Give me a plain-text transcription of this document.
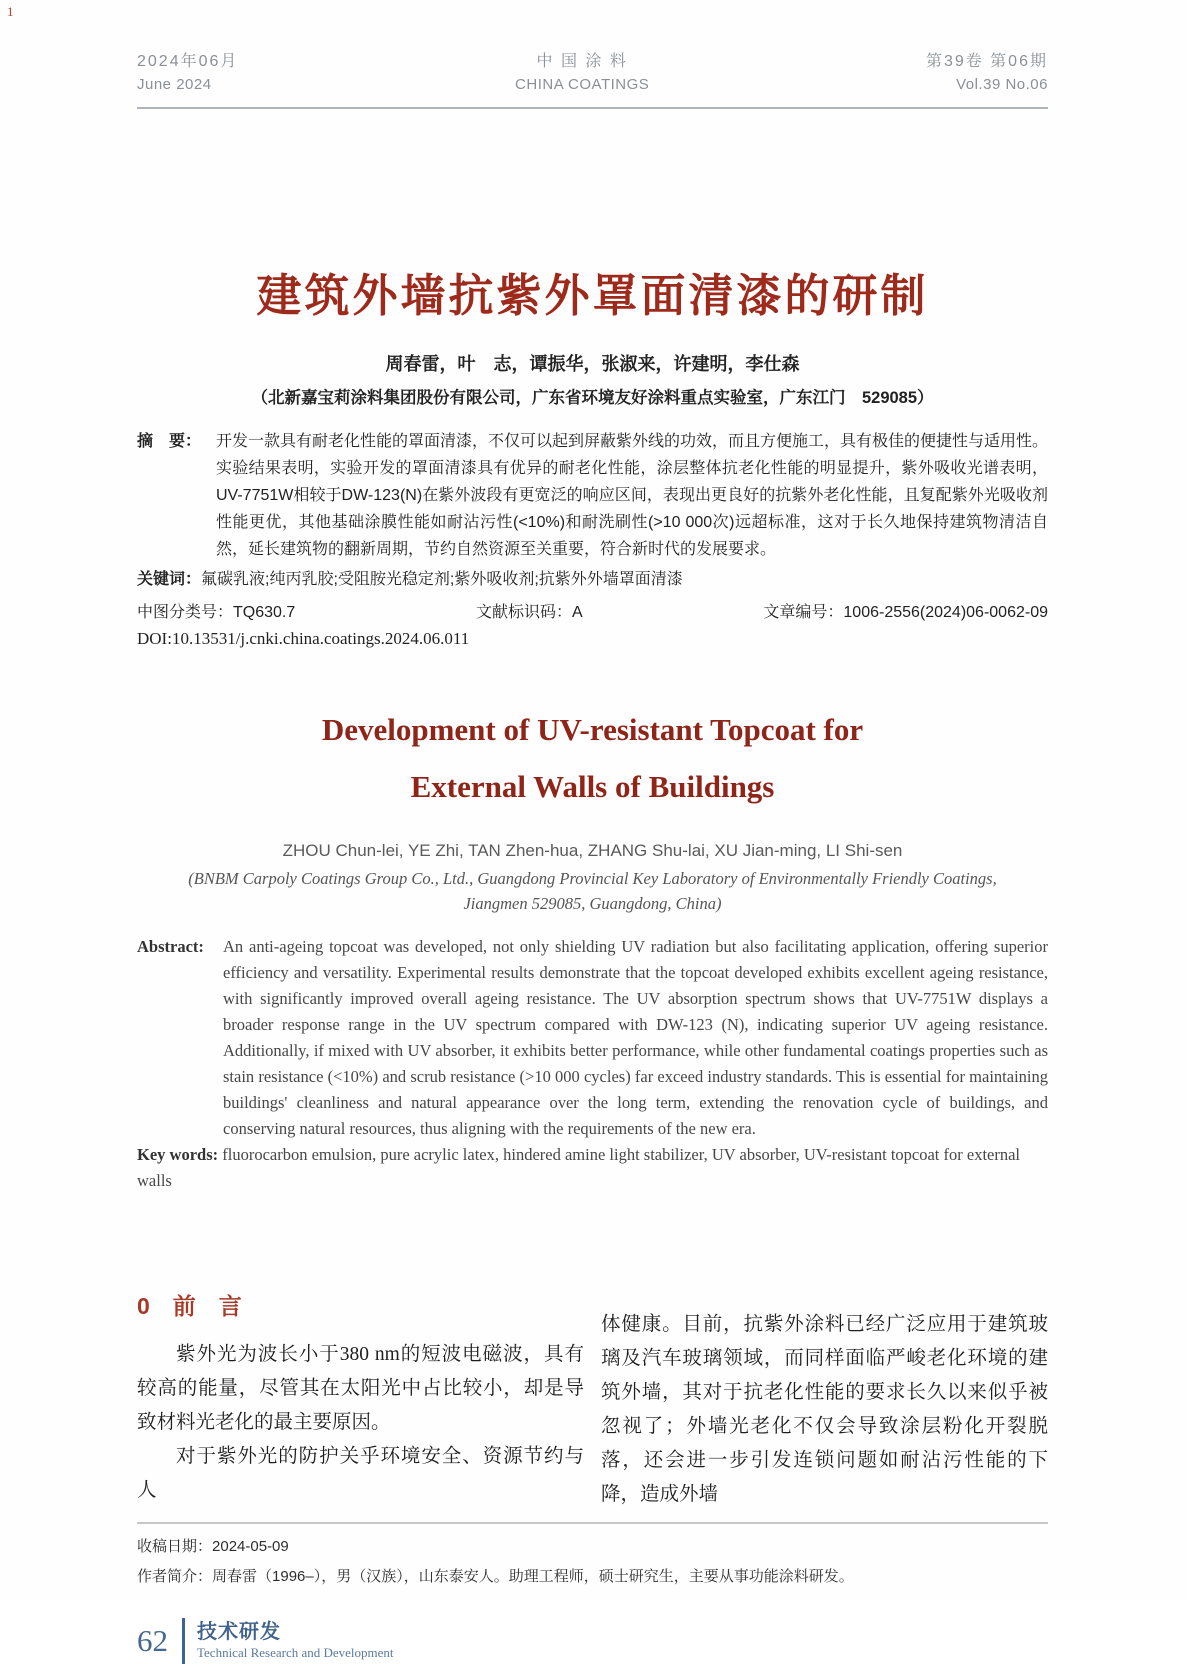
1
2024年06月
June 2024
中 国 涂 料
CHINA COATINGS
第39卷 第06期
Vol.39 No.06
建筑外墙抗紫外罩面清漆的研制
周春雷，叶　志，谭振华，张淑来，许建明，李仕森
（北新嘉宝莉涂料集团股份有限公司，广东省环境友好涂料重点实验室，广东江门　529085）
摘　要： 开发一款具有耐老化性能的罩面清漆，不仅可以起到屏蔽紫外线的功效，而且方便施工，具有极佳的便捷性与适用性。实验结果表明，实验开发的罩面清漆具有优异的耐老化性能，涂层整体抗老化性能的明显提升，紫外吸收光谱表明，UV-7751W相较于DW-123(N)在紫外波段有更宽泛的响应区间，表现出更良好的抗紫外老化性能，且复配紫外光吸收剂性能更优，其他基础涂膜性能如耐沾污性(<10%)和耐洗刷性(>10 000次)远超标准，这对于长久地保持建筑物清洁自然，延长建筑物的翻新周期，节约自然资源至关重要，符合新时代的发展要求。
关键词：氟碳乳液;纯丙乳胶;受阻胺光稳定剂;紫外吸收剂;抗紫外外墙罩面清漆
中图分类号：TQ630.7	文献标识码：A	文章编号：1006-2556(2024)06-0062-09
DOI:10.13531/j.cnki.china.coatings.2024.06.011
Development of UV-resistant Topcoat for
External Walls of Buildings
ZHOU Chun-lei, YE Zhi, TAN Zhen-hua, ZHANG Shu-lai, XU Jian-ming, LI Shi-sen
(BNBM Carpoly Coatings Group Co., Ltd., Guangdong Provincial Key Laboratory of Environmentally Friendly Coatings,
Jiangmen 529085, Guangdong, China)
Abstract: An anti-ageing topcoat was developed, not only shielding UV radiation but also facilitating application, offering superior efficiency and versatility. Experimental results demonstrate that the topcoat developed exhibits excellent ageing resistance, with significantly improved overall ageing resistance. The UV absorption spectrum shows that UV-7751W displays a broader response range in the UV spectrum compared with DW-123 (N), indicating superior UV ageing resistance. Additionally, if mixed with UV absorber, it exhibits better performance, while other fundamental coatings properties such as stain resistance (<10%) and scrub resistance (>10 000 cycles) far exceed industry standards. This is essential for maintaining buildings' cleanliness and natural appearance over the long term, extending the renovation cycle of buildings, and conserving natural resources, thus aligning with the requirements of the new era.
Key words: fluorocarbon emulsion, pure acrylic latex, hindered amine light stabilizer, UV absorber, UV-resistant topcoat for external walls
0　前　言

紫外光为波长小于380 nm的短波电磁波，具有较高的能量，尽管其在太阳光中占比较小，却是导致材料光老化的最主要原因。

对于紫外光的防护关乎环境安全、资源节约与人

体健康。目前，抗紫外涂料已经广泛应用于建筑玻璃及汽车玻璃领域，而同样面临严峻老化环境的建筑外墙，其对于抗老化性能的要求长久以来似乎被忽视了；外墙光老化不仅会导致涂层粉化开裂脱落，还会进一步引发连锁问题如耐沾污性能的下降，造成外墙

收稿日期：2024-05-09
作者简介：周春雷（1996–），男（汉族），山东泰安人。助理工程师，硕士研究生，主要从事功能涂料研发。
62 技术研发
Technical Research and Development
